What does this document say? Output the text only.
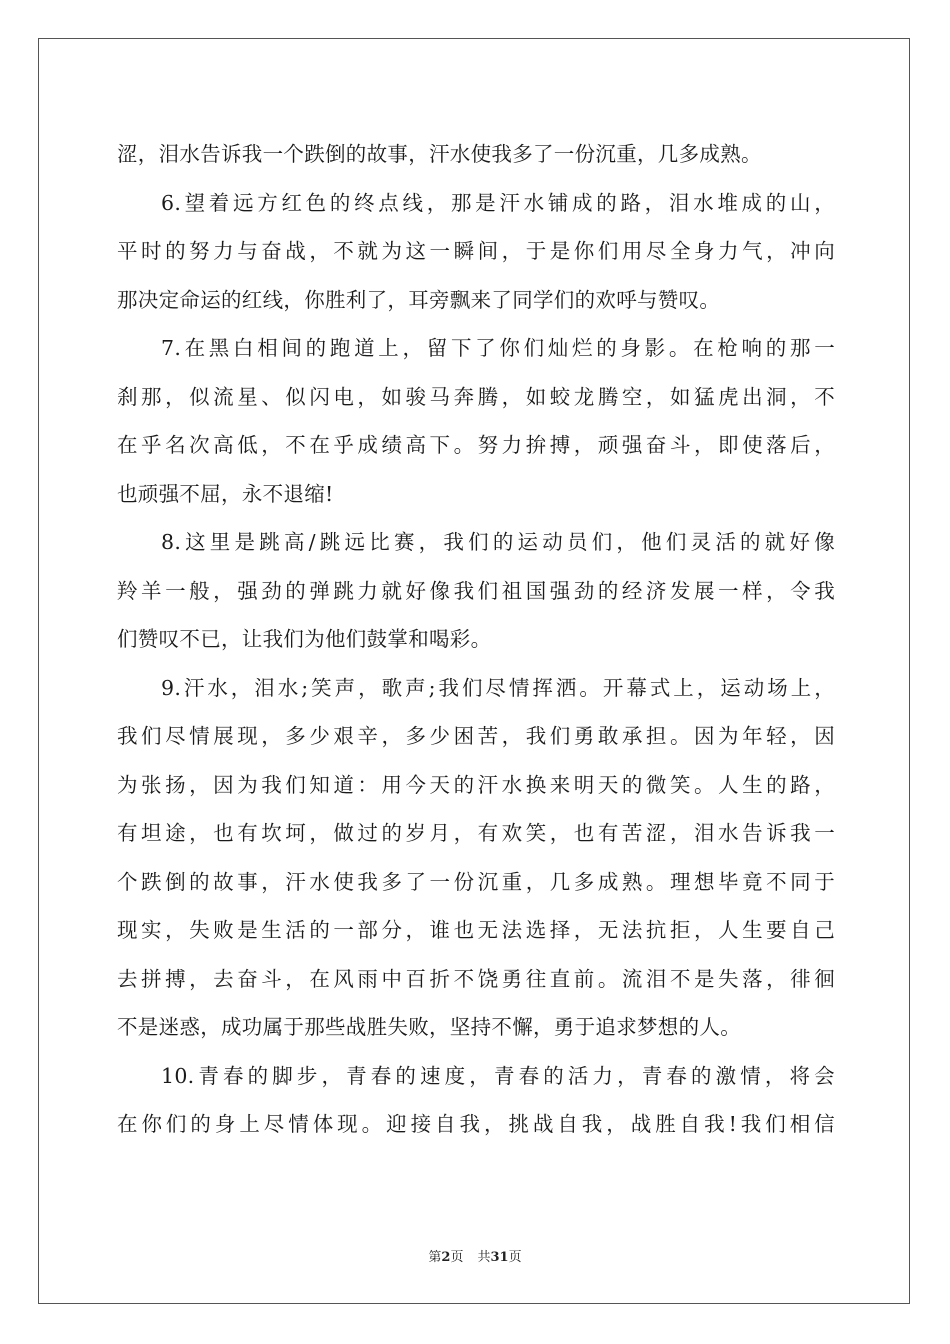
涩，泪水告诉我一个跌倒的故事，汗水使我多了一份沉重，几多成熟。
6.望着远方红色的终点线，那是汗水铺成的路，泪水堆成的山，
平时的努力与奋战，不就为这一瞬间，于是你们用尽全身力气，冲向
那决定命运的红线，你胜利了，耳旁飘来了同学们的欢呼与赞叹。
7.在黑白相间的跑道上，留下了你们灿烂的身影。在枪响的那一
刹那，似流星、似闪电，如骏马奔腾，如蛟龙腾空，如猛虎出洞，不
在乎名次高低，不在乎成绩高下。努力拚搏，顽强奋斗，即使落后，
也顽强不屈，永不退缩!
8.这里是跳高/跳远比赛，我们的运动员们，他们灵活的就好像
羚羊一般，强劲的弹跳力就好像我们祖国强劲的经济发展一样，令我
们赞叹不已，让我们为他们鼓掌和喝彩。
9.汗水，泪水;笑声，歌声;我们尽情挥洒。开幕式上，运动场上，
我们尽情展现，多少艰辛，多少困苦，我们勇敢承担。因为年轻，因
为张扬，因为我们知道：用今天的汗水换来明天的微笑。人生的路，
有坦途，也有坎坷，做过的岁月，有欢笑，也有苦涩，泪水告诉我一
个跌倒的故事，汗水使我多了一份沉重，几多成熟。理想毕竟不同于
现实，失败是生活的一部分，谁也无法选择，无法抗拒，人生要自己
去拼搏，去奋斗，在风雨中百折不饶勇往直前。流泪不是失落，徘徊
不是迷惑，成功属于那些战胜失败，坚持不懈，勇于追求梦想的人。
10.青春的脚步，青春的速度，青春的活力，青春的激情，将会
在你们的身上尽情体现。迎接自我，挑战自我，战胜自我!我们相信
第2页 共31页
